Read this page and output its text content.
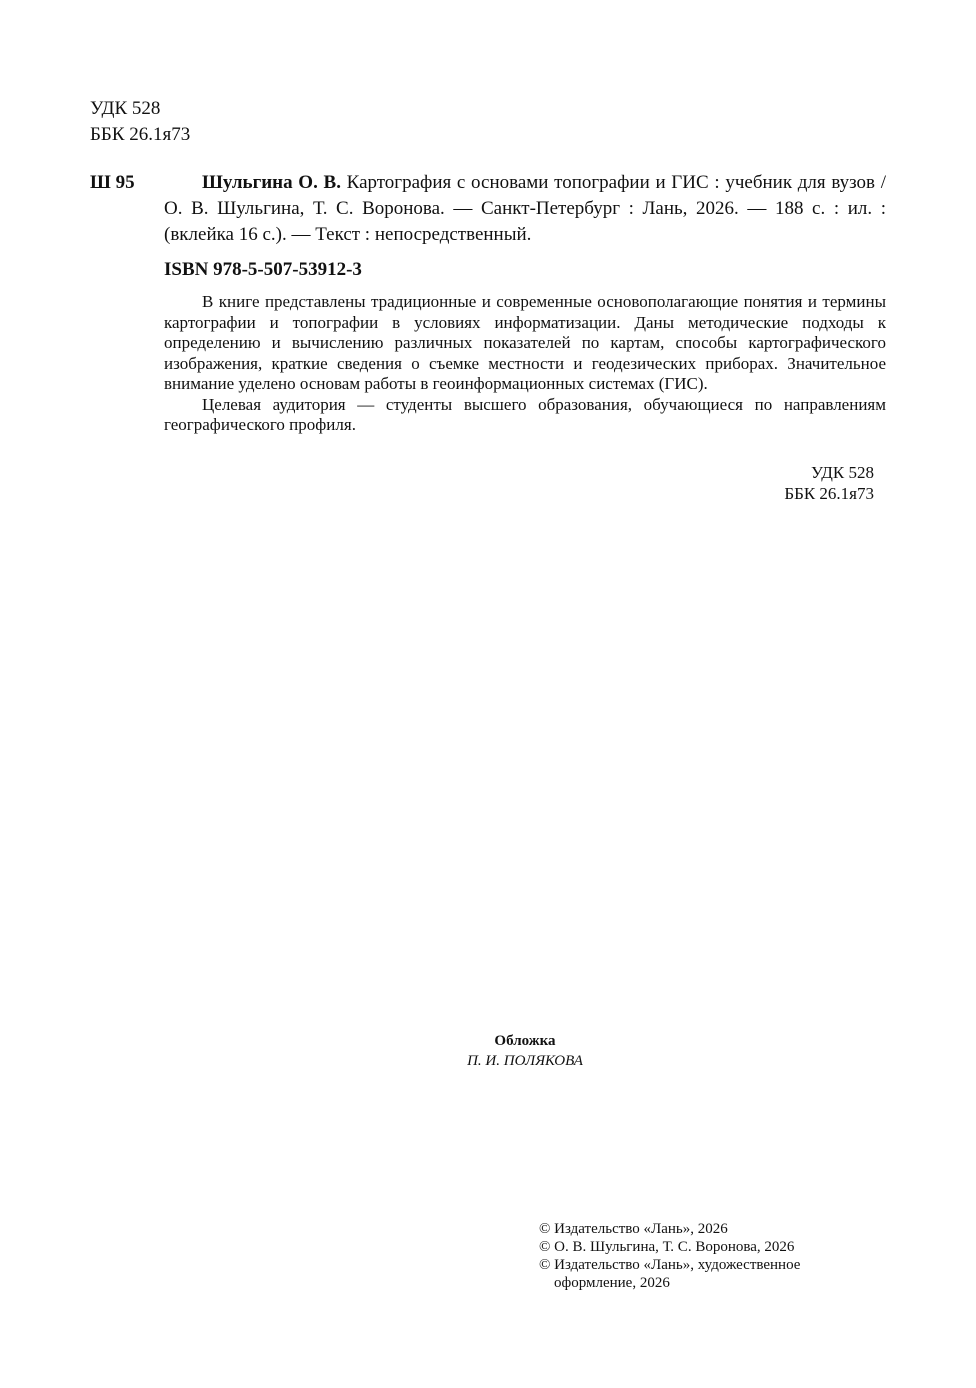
УДК 528
ББК 26.1я73
Ш 95	Шульгина О. В. Картография с основами топографии и ГИС : учебник для вузов / О. В. Шульгина, Т. С. Воронова. — Санкт-Петербург : Лань, 2026. — 188 с. : ил. : (вклейка 16 с.). — Текст : непосредственный.
ISBN 978-5-507-53912-3

В книге представлены традиционные и современные основополагающие понятия и термины картографии и топографии в условиях информатизации. Даны методические подходы к определению и вычислению различных показателей по картам, способы картографического изображения, краткие сведения о съемке местности и геодезических приборах. Значительное внимание уделено основам работы в геоинформационных системах (ГИС).

Целевая аудитория — студенты высшего образования, обучающиеся по направлениям географического профиля.

УДК 528
ББК 26.1я73
Обложка
П. И. ПОЛЯКОВА
© Издательство «Лань», 2026
© О. В. Шульгина, Т. С. Воронова, 2026
© Издательство «Лань», художественное оформление, 2026
